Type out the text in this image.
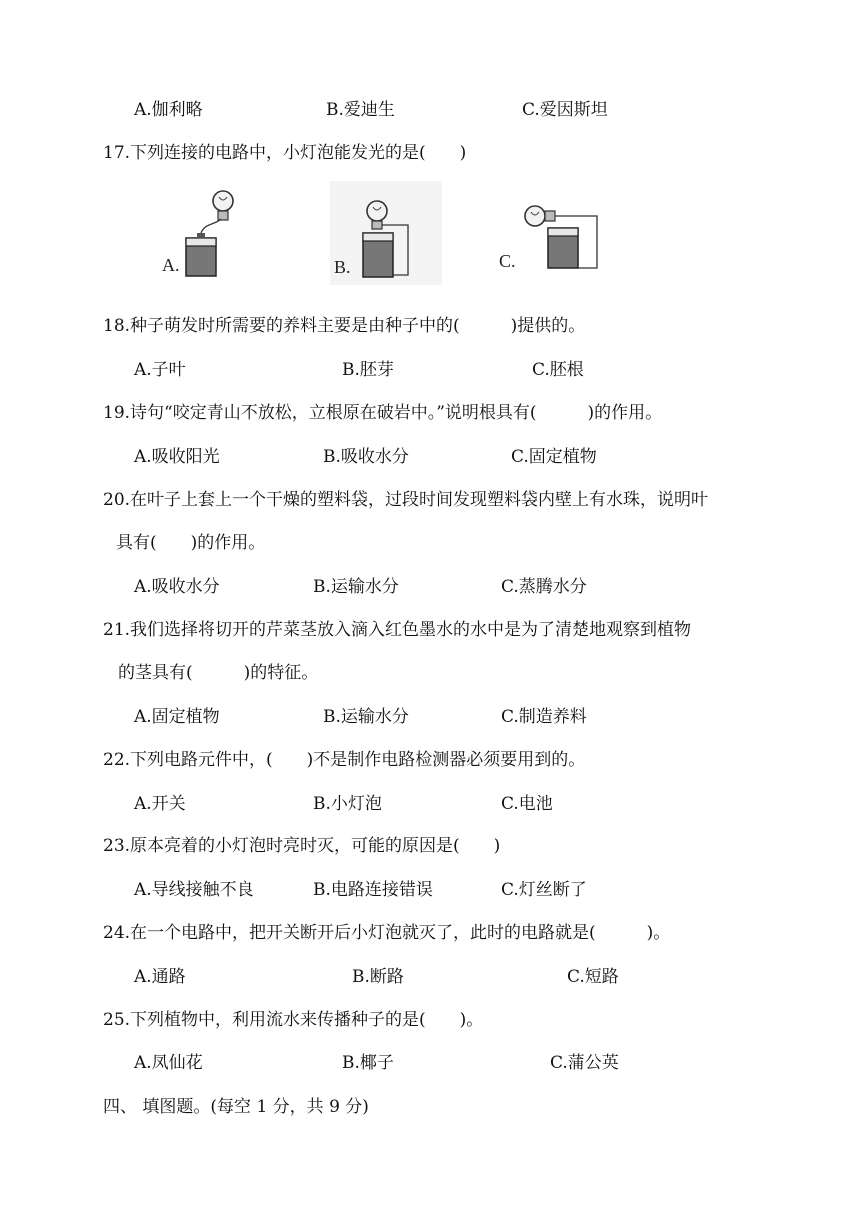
A.伽利略	B.爱迪生	C.爱因斯坦
17.下列连接的电路中，小灯泡能发光的是(　　)
A.	B.	C.
18.种子萌发时所需要的养料主要是由种子中的(　　　)提供的。
A.子叶	B.胚芽	C.胚根
19.诗句“咬定青山不放松，立根原在破岩中。”说明根具有(　　　)的作用。
A.吸收阳光	B.吸收水分	C.固定植物
20.在叶子上套上一个干燥的塑料袋，过段时间发现塑料袋内壁上有水珠，说明叶
具有(　　)的作用。
A.吸收水分	B.运输水分	C.蒸腾水分
21.我们选择将切开的芹菜茎放入滴入红色墨水的水中是为了清楚地观察到植物
的茎具有(　　　)的特征。
A.固定植物	B.运输水分	C.制造养料
22.下列电路元件中，(　　)不是制作电路检测器必须要用到的。
A.开关	B.小灯泡	C.电池
23.原本亮着的小灯泡时亮时灭，可能的原因是(　　)
A.导线接触不良	B.电路连接错误	C.灯丝断了
24.在一个电路中，把开关断开后小灯泡就灭了，此时的电路就是(　　　)。
A.通路	B.断路	C.短路
25.下列植物中，利用流水来传播种子的是(　　)。
A.凤仙花	B.椰子	C.蒲公英
四、 填图题。(每空 1 分，共 9 分)
